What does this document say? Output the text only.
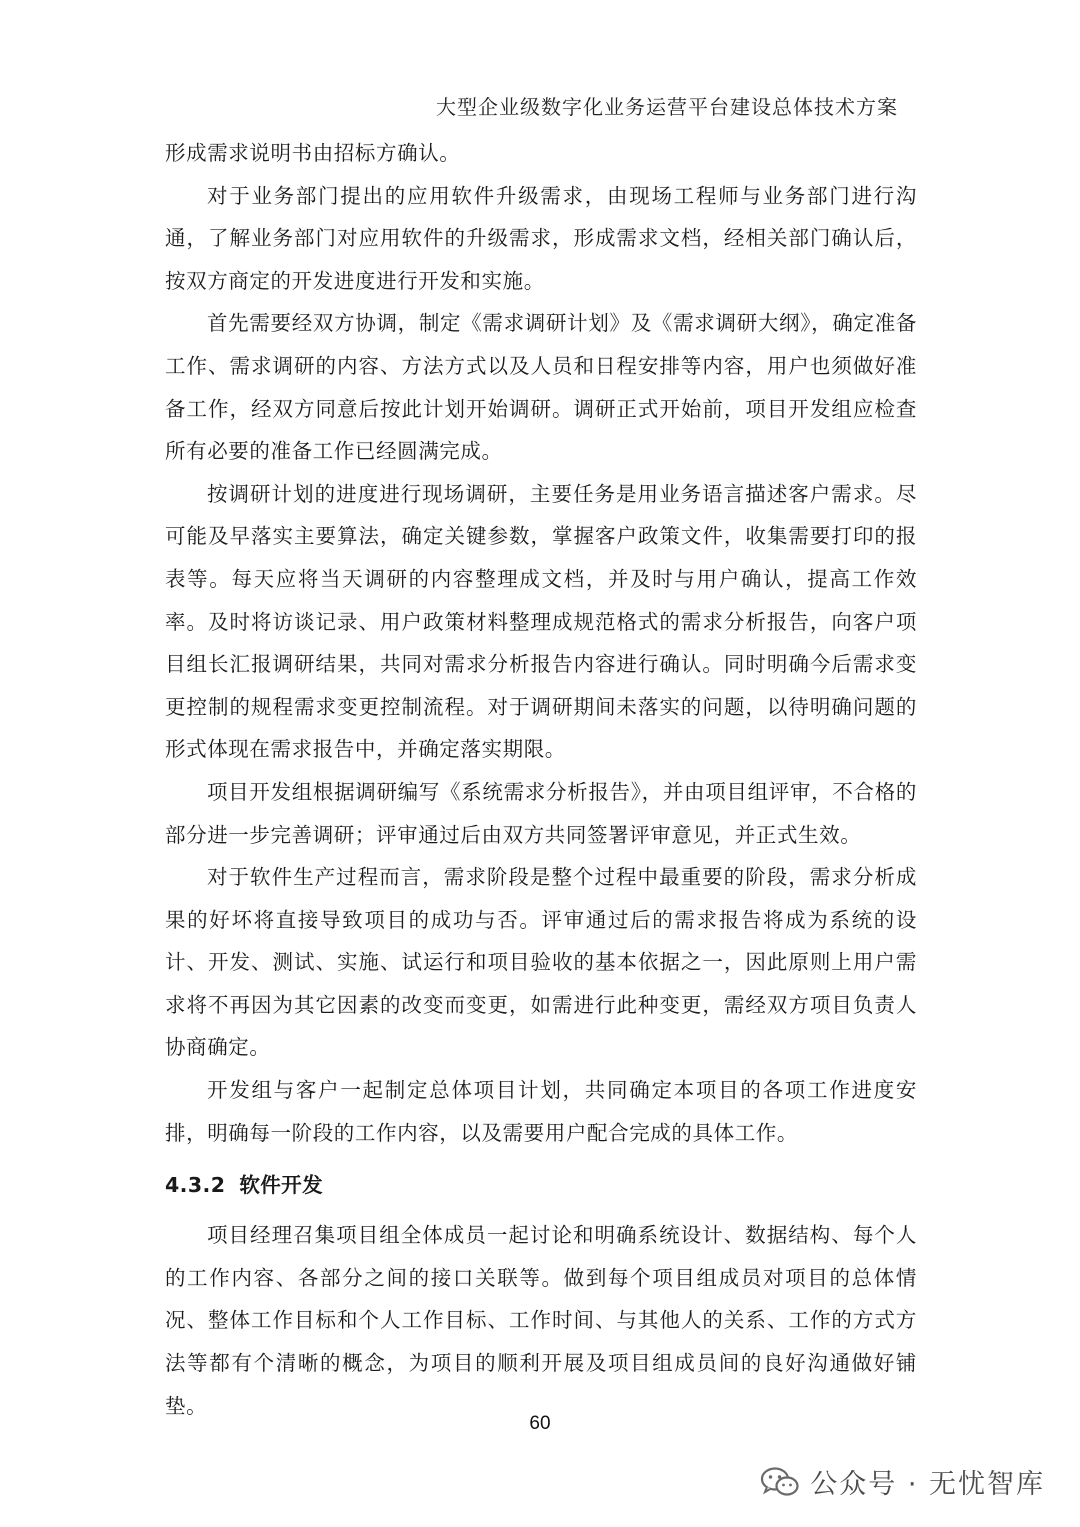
大型企业级数字化业务运营平台建设总体技术方案

形成需求说明书由招标方确认。

对于业务部门提出的应用软件升级需求，由现场工程师与业务部门进行沟通，了解业务部门对应用软件的升级需求，形成需求文档，经相关部门确认后，按双方商定的开发进度进行开发和实施。

首先需要经双方协调，制定《需求调研计划》及《需求调研大纲》，确定准备工作、需求调研的内容、方法方式以及人员和日程安排等内容，用户也须做好准备工作，经双方同意后按此计划开始调研。调研正式开始前，项目开发组应检查所有必要的准备工作已经圆满完成。

按调研计划的进度进行现场调研，主要任务是用业务语言描述客户需求。尽可能及早落实主要算法，确定关键参数，掌握客户政策文件，收集需要打印的报表等。每天应将当天调研的内容整理成文档，并及时与用户确认，提高工作效率。及时将访谈记录、用户政策材料整理成规范格式的需求分析报告，向客户项目组长汇报调研结果，共同对需求分析报告内容进行确认。同时明确今后需求变更控制的规程需求变更控制流程。对于调研期间未落实的问题，以待明确问题的形式体现在需求报告中，并确定落实期限。

项目开发组根据调研编写《系统需求分析报告》，并由项目组评审，不合格的部分进一步完善调研；评审通过后由双方共同签署评审意见，并正式生效。

对于软件生产过程而言，需求阶段是整个过程中最重要的阶段，需求分析成果的好坏将直接导致项目的成功与否。评审通过后的需求报告将成为系统的设计、开发、测试、实施、试运行和项目验收的基本依据之一，因此原则上用户需求将不再因为其它因素的改变而变更，如需进行此种变更，需经双方项目负责人协商确定。

开发组与客户一起制定总体项目计划，共同确定本项目的各项工作进度安排，明确每一阶段的工作内容，以及需要用户配合完成的具体工作。

4.3.2 软件开发

项目经理召集项目组全体成员一起讨论和明确系统设计、数据结构、每个人的工作内容、各部分之间的接口关联等。做到每个项目组成员对项目的总体情况、整体工作目标和个人工作目标、工作时间、与其他人的关系、工作的方式方法等都有个清晰的概念，为项目的顺利开展及项目组成员间的良好沟通做好铺垫。

60
公众号 · 无忧智库
